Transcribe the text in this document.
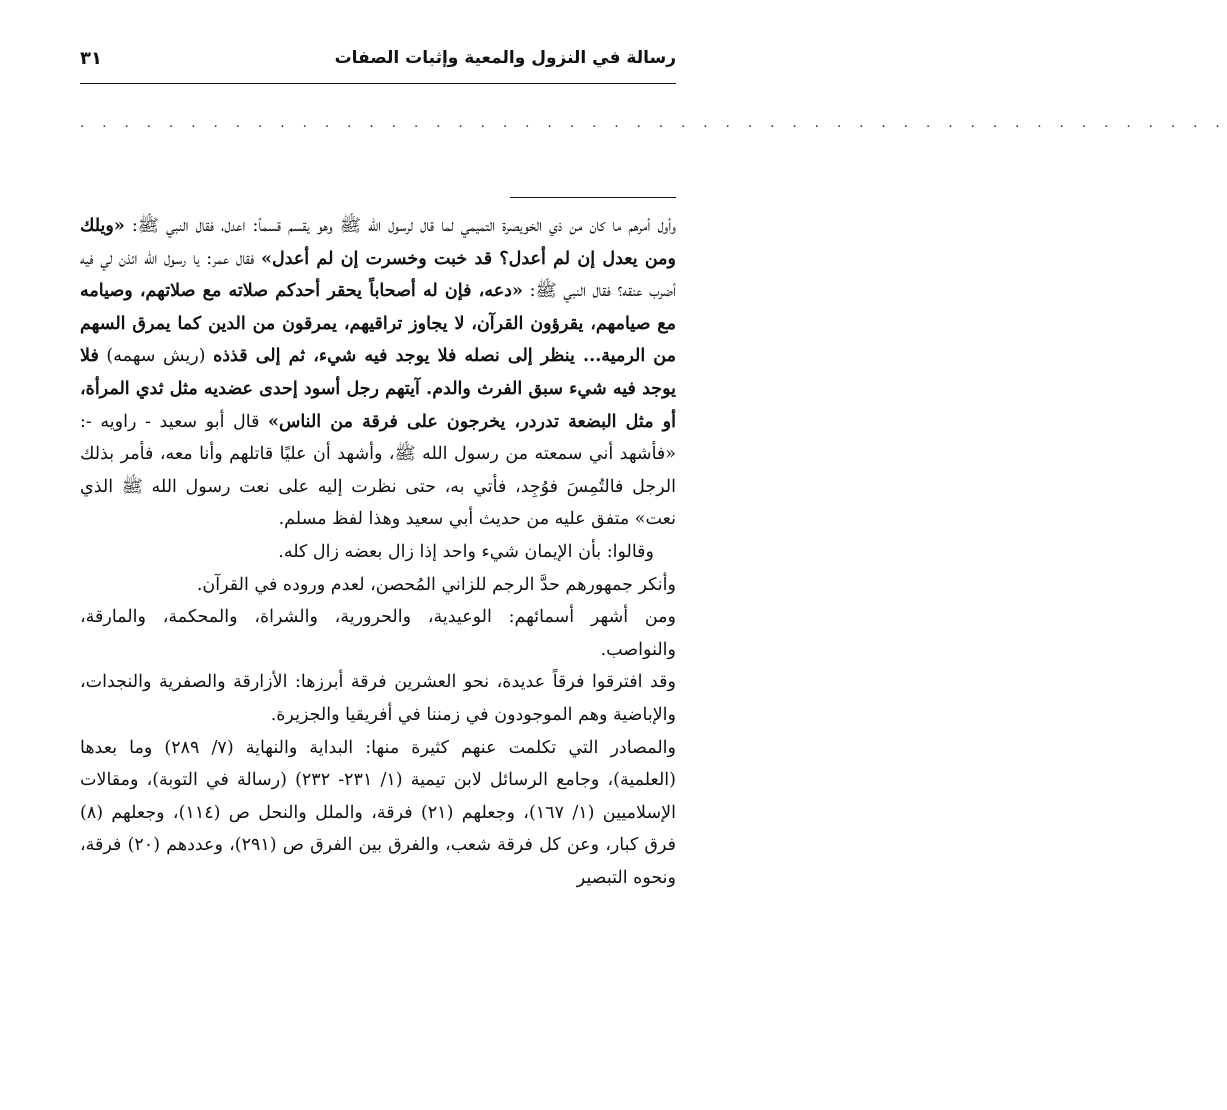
رسالة في النزول والمعية وإثبات الصفات
٣١
. . . . . . . . . . . . . . . . . . . . . . . . . . . . . . . . . . . . . . . . . . . . . . . . . . . .

وأول أمرهم ما كان من ذي الخويصرة التميمي لما قال لرسول الله ﷺ وهو يقسم قسماً: اعدل، فقال النبي ﷺ: «ويلك ومن يعدل إن لم أعدل؟ قد خبت وخسرت إن لم أعدل» فقال عمر: يا رسول الله ائذن لي فيه أضرب عنقه؟ فقال النبي ﷺ: «دعه، فإن له أصحاباً يحقر أحدكم صلاته مع صلاتهم، وصيامه مع صيامهم، يقرؤون القرآن، لا يجاوز تراقيهم، يمرقون من الدين كما يمرق السهم من الرمية... ينظر إلى نصله فلا يوجد فيه شيء، ثم إلى قذذه (ريش سهمه) فلا يوجد فيه شيء سبق الفرث والدم. آيتهم رجل أسود إحدى عضديه مثل ثدي المرأة، أو مثل البضعة تدردر، يخرجون على فرقة من الناس» قال أبو سعيد - راويه -: «فأشهد أني سمعته من رسول الله ﷺ، وأشهد أن عليًا قاتلهم وأنا معه، فأمر بذلك الرجل فالتُمِسَ فوُجِد، فأتي به، حتى نظرت إليه على نعت رسول الله ﷺ الذي نعت» متفق عليه من حديث أبي سعيد وهذا لفظ مسلم.

وقالوا: بأن الإيمان شيء واحد إذا زال بعضه زال كله.

وأنكر جمهورهم حدَّ الرجم للزاني المُحصن، لعدم وروده في القرآن.

ومن أشهر أسمائهم: الوعيدية، والحرورية، والشراة، والمحكمة، والمارقة، والنواصب.

وقد افترقوا فرقاً عديدة، نحو العشرين فرقة أبرزها: الأزارقة والصفرية والنجدات، والإباضية وهم الموجودون في زمننا في أفريقيا والجزيرة.

والمصادر التي تكلمت عنهم كثيرة منها: البداية والنهاية (٧/ ٢٨٩) وما بعدها (العلمية)، وجامع الرسائل لابن تيمية (١/ ٢٣١- ٢٣٢) (رسالة في التوبة)، ومقالات الإسلاميين (١/ ١٦٧)، وجعلهم (٢١) فرقة، والملل والنحل ص (١١٤)، وجعلهم (٨) فرق كبار، وعن كل فرقة شعب، والفرق بين الفرق ص (٢٩١)، وعددهم (٢٠) فرقة، ونحوه التبصير
